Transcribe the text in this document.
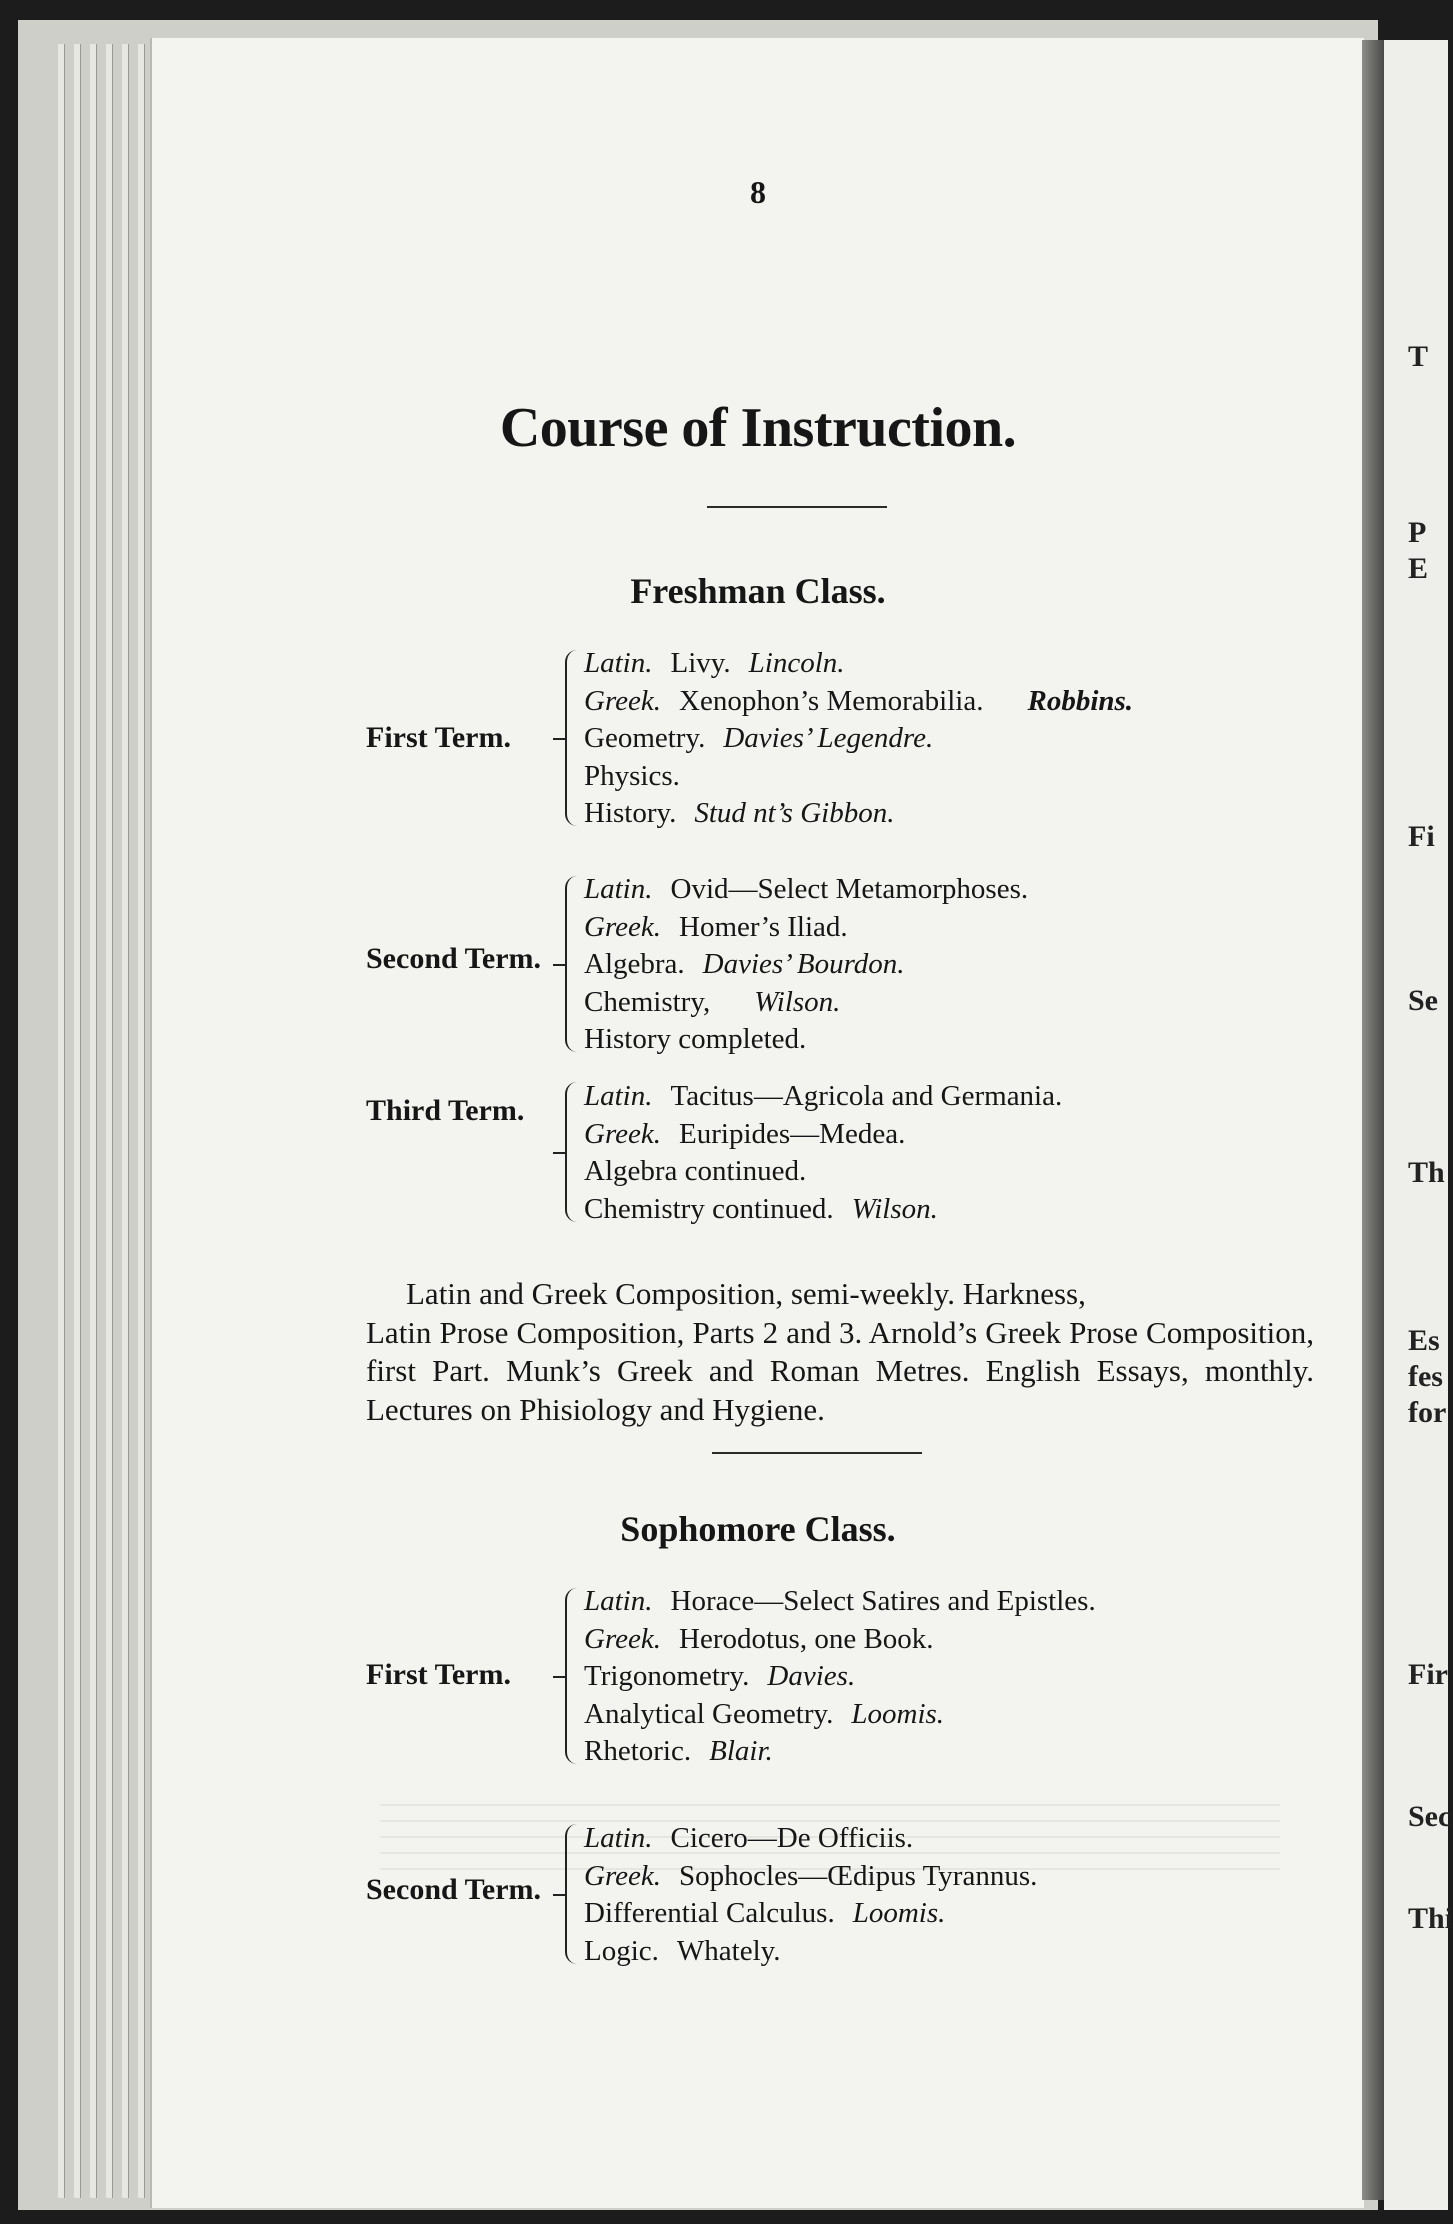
8
Course of Instruction.
Freshman Class.
First Term.
Latin. Livy. Lincoln.
Greek. Xenophon’s Memorabilia. Robbins.
Geometry. Davies’ Legendre.
Physics.
History. Stud nt’s Gibbon.
Second Term.
Latin. Ovid—Select Metamorphoses.
Greek. Homer’s Iliad.
Algebra. Davies’ Bourdon.
Chemistry, Wilson.
History completed.
Third Term. Latin. Tacitus—Agricola and Germania.
Greek. Euripides—Medea.
Algebra continued.
Chemistry continued. Wilson.
Latin and Greek Composition, semi-weekly. Harkness,
Latin Prose Composition, Parts 2 and 3. Arnold’s Greek Prose Composition, first Part. Munk’s Greek and Roman Metres. English Essays, monthly. Lectures on Phisiology and Hygiene.
Sophomore Class.
First Term.
Latin. Horace—Select Satires and Epistles.
Greek. Herodotus, one Book.
Trigonometry. Davies.
Analytical Geometry. Loomis.
Rhetoric. Blair.
Second Term.
Latin. Cicero—De Officiis.
Greek. Sophocles—Œdipus Tyrannus.
Differential Calculus. Loomis.
Logic. Whately.
T
P
E
Fi
Se
Th
Es
fes
for
Fir
Sec
Thi
